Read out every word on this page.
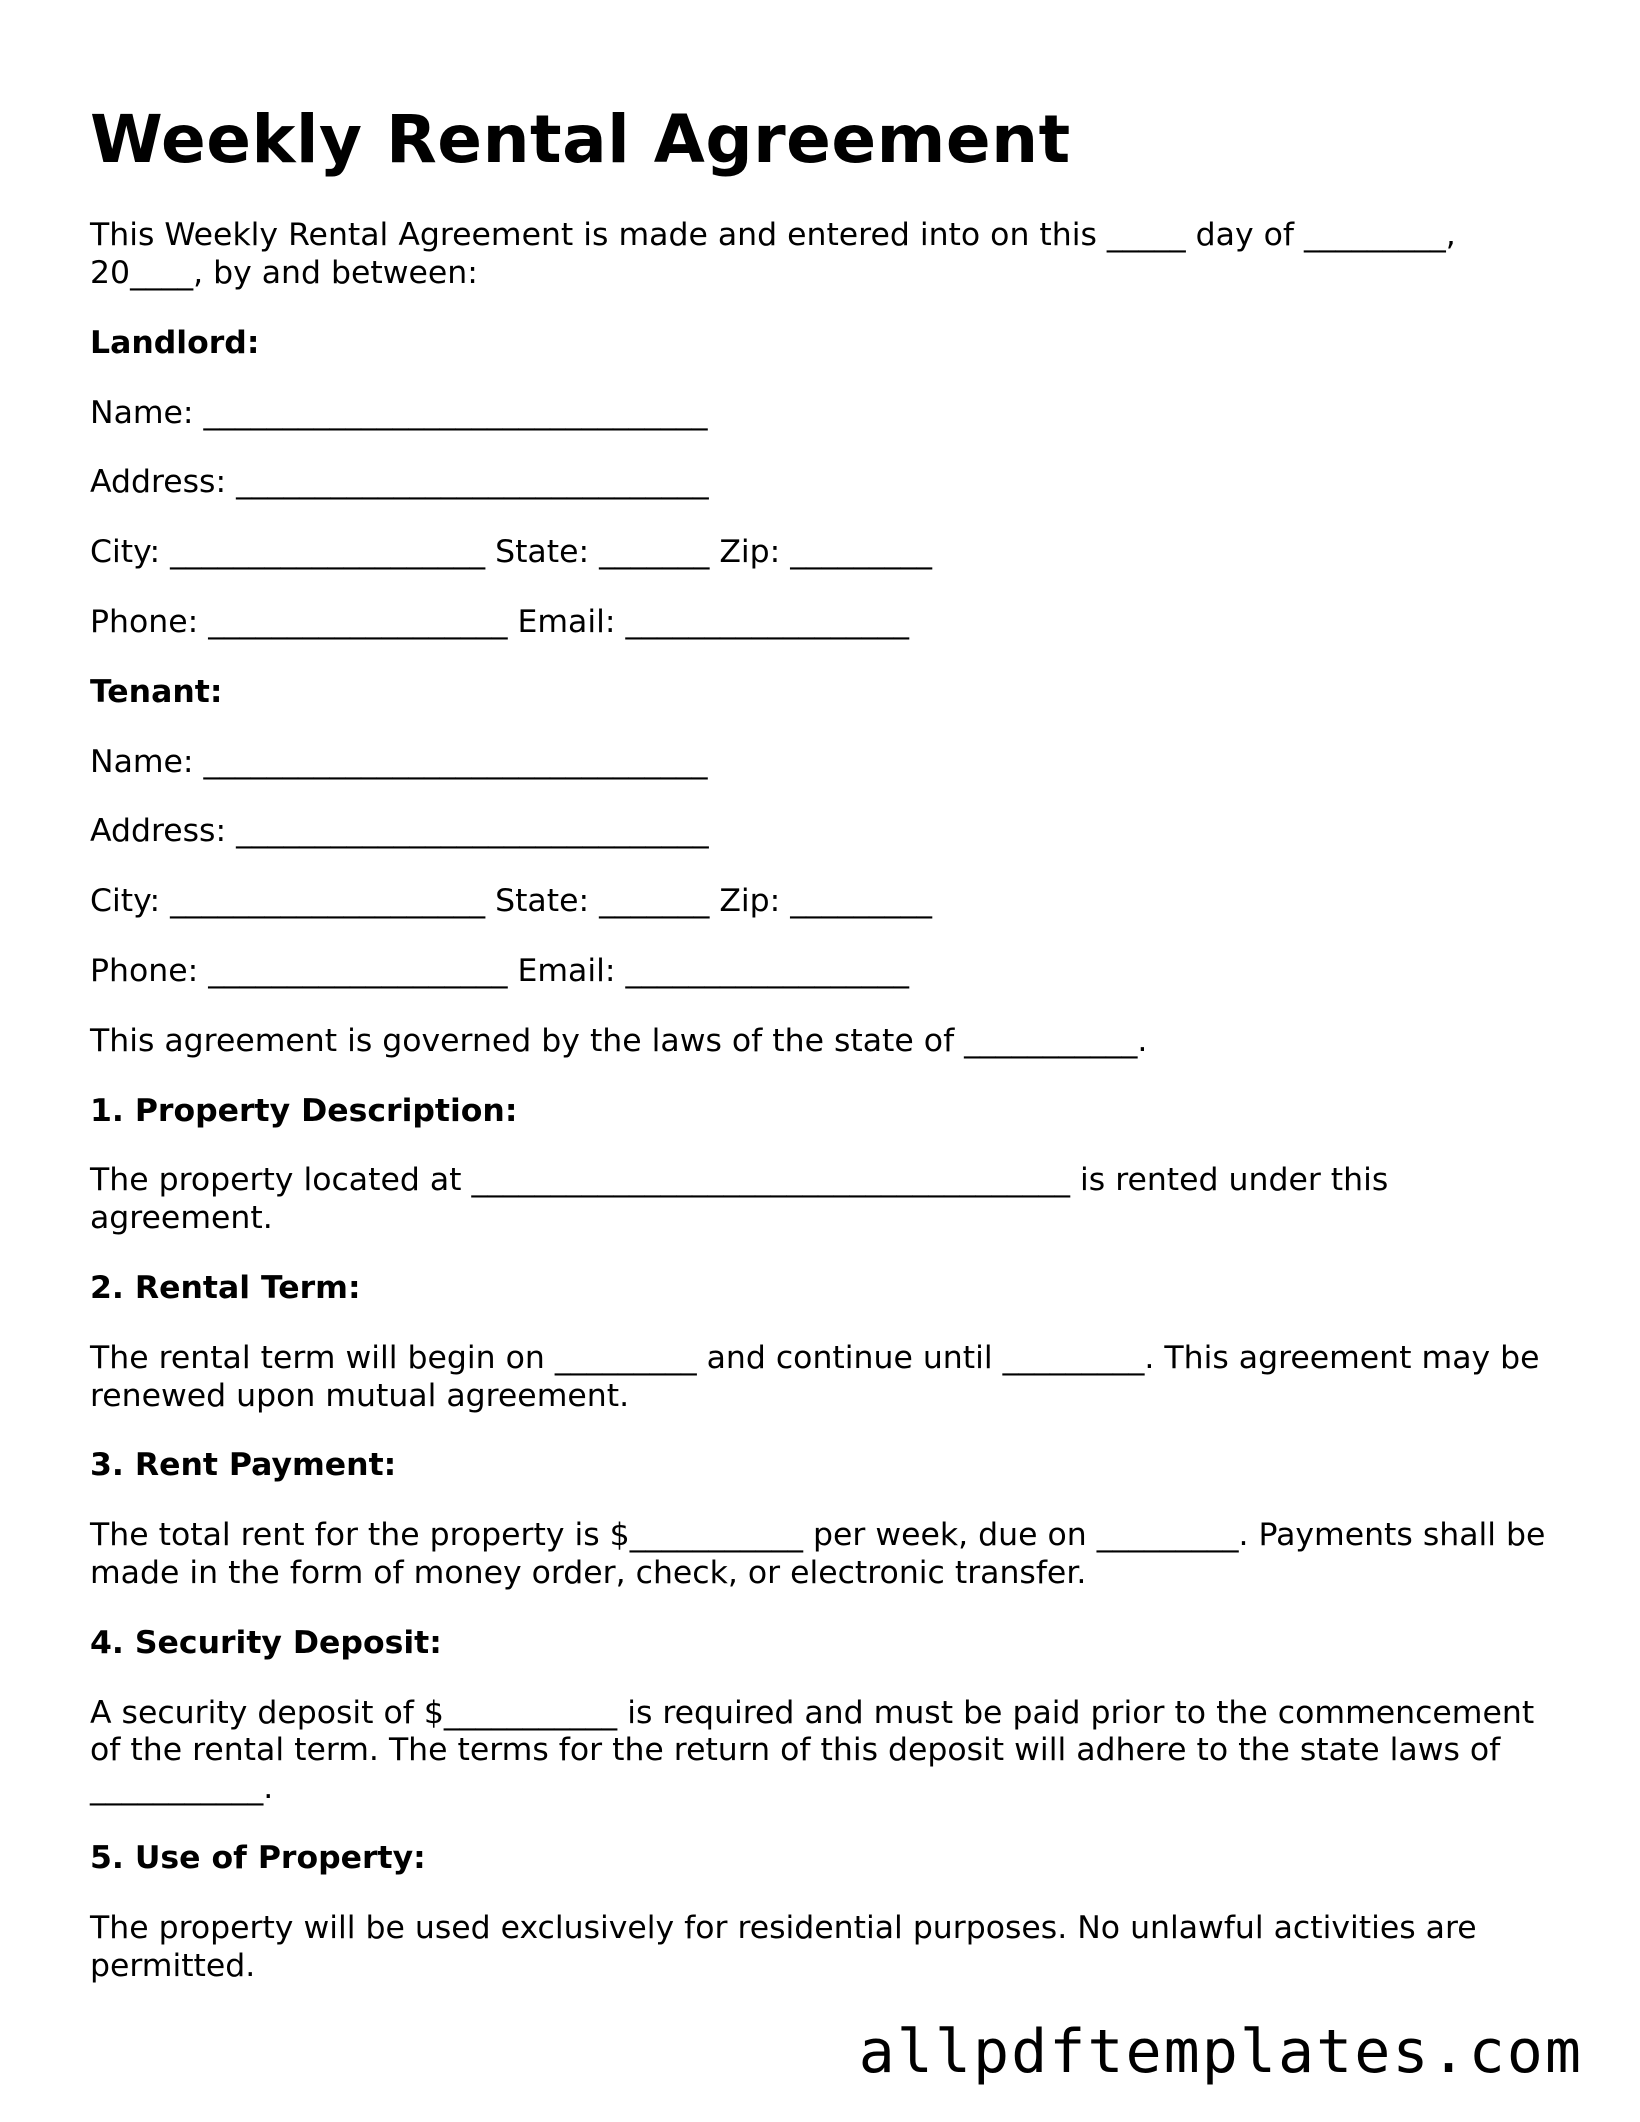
Weekly Rental Agreement

This Weekly Rental Agreement is made and entered into on this _____ day of _________, 20____, by and between:

Landlord:

Name: ________________________________

Address: ______________________________

City: ____________________ State: _______ Zip: _________

Phone: ___________________ Email: __________________

Tenant:

Name: ________________________________

Address: ______________________________

City: ____________________ State: _______ Zip: _________

Phone: ___________________ Email: __________________

This agreement is governed by the laws of the state of ___________.

1. Property Description:

The property located at ______________________________________ is rented under this agreement.

2. Rental Term:

The rental term will begin on _________ and continue until _________. This agreement may be renewed upon mutual agreement.

3. Rent Payment:

The total rent for the property is $___________ per week, due on _________. Payments shall be made in the form of money order, check, or electronic transfer.

4. Security Deposit:

A security deposit of $___________ is required and must be paid prior to the commencement of the rental term. The terms for the return of this deposit will adhere to the state laws of ___________.

5. Use of Property:

The property will be used exclusively for residential purposes. No unlawful activities are permitted.

allpdftemplates.com
